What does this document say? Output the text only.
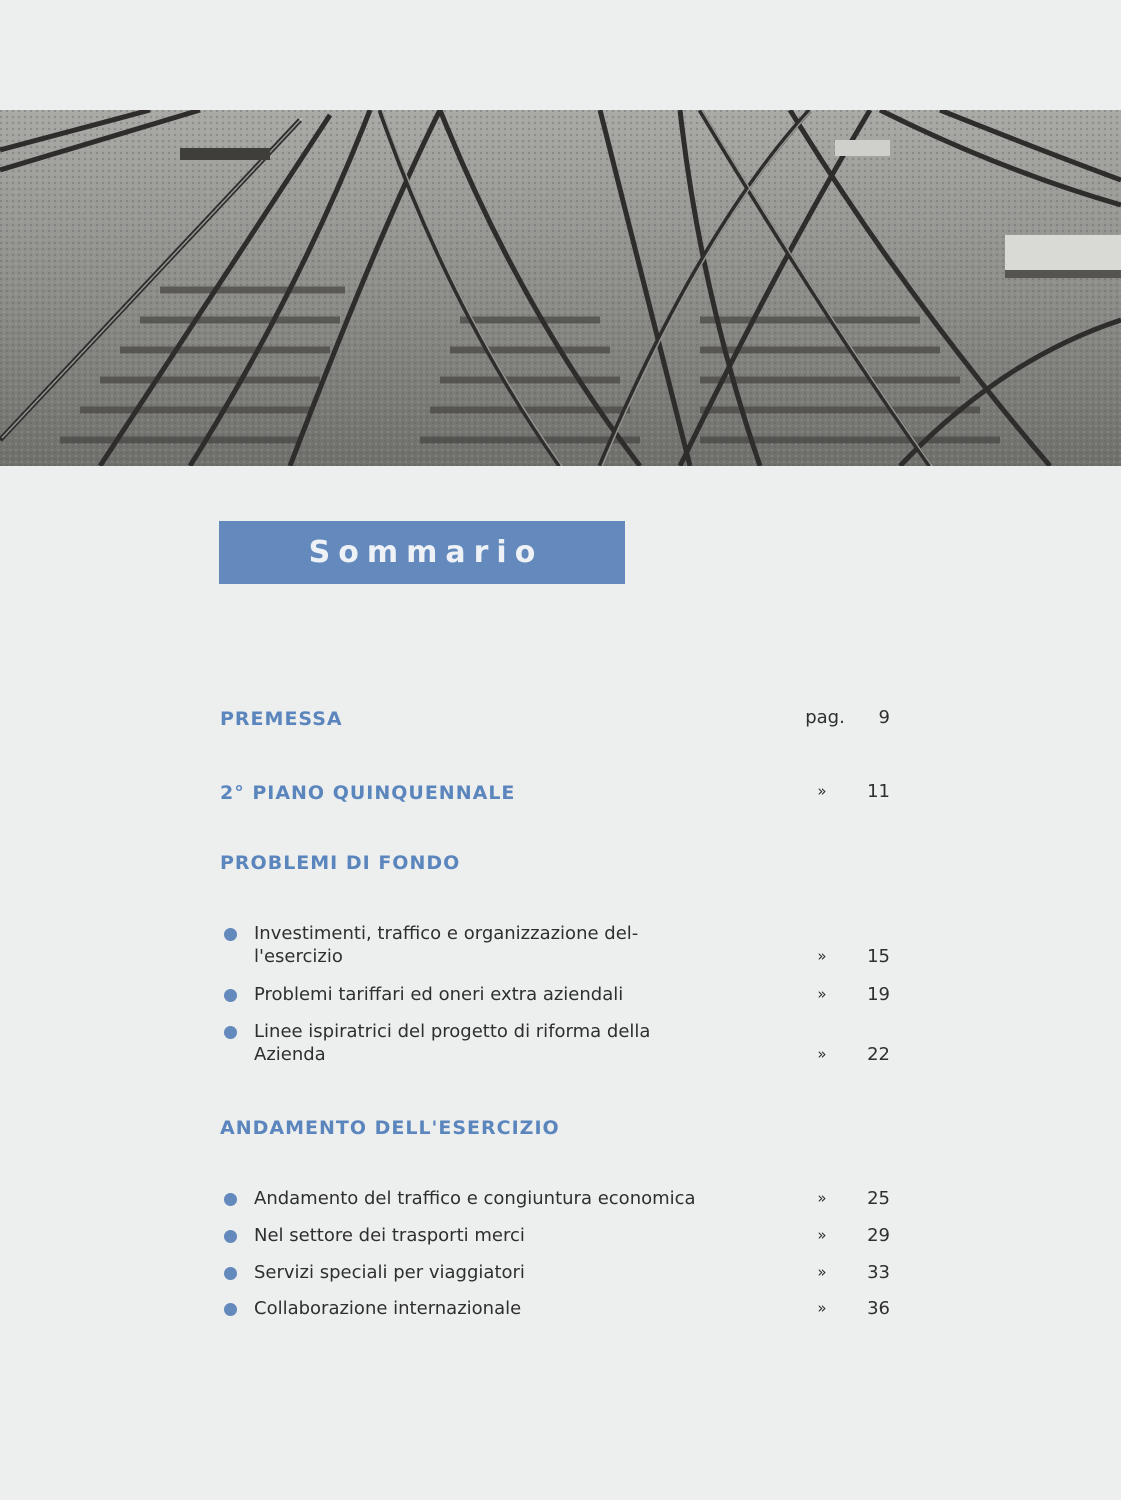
Sommario
PREMESSA	pag.	9
2° PIANO QUINQUENNALE	»	11
PROBLEMI DI FONDO
Investimenti, traffico e organizzazione del-
l'esercizio	»	15
Problemi tariffari ed oneri extra aziendali	»	19
Linee ispiratrici del progetto di riforma della
Azienda	»	22
ANDAMENTO DELL'ESERCIZIO
Andamento del traffico e congiuntura economica	»	25
Nel settore dei trasporti merci	»	29
Servizi speciali per viaggiatori	»	33
Collaborazione internazionale	»	36
